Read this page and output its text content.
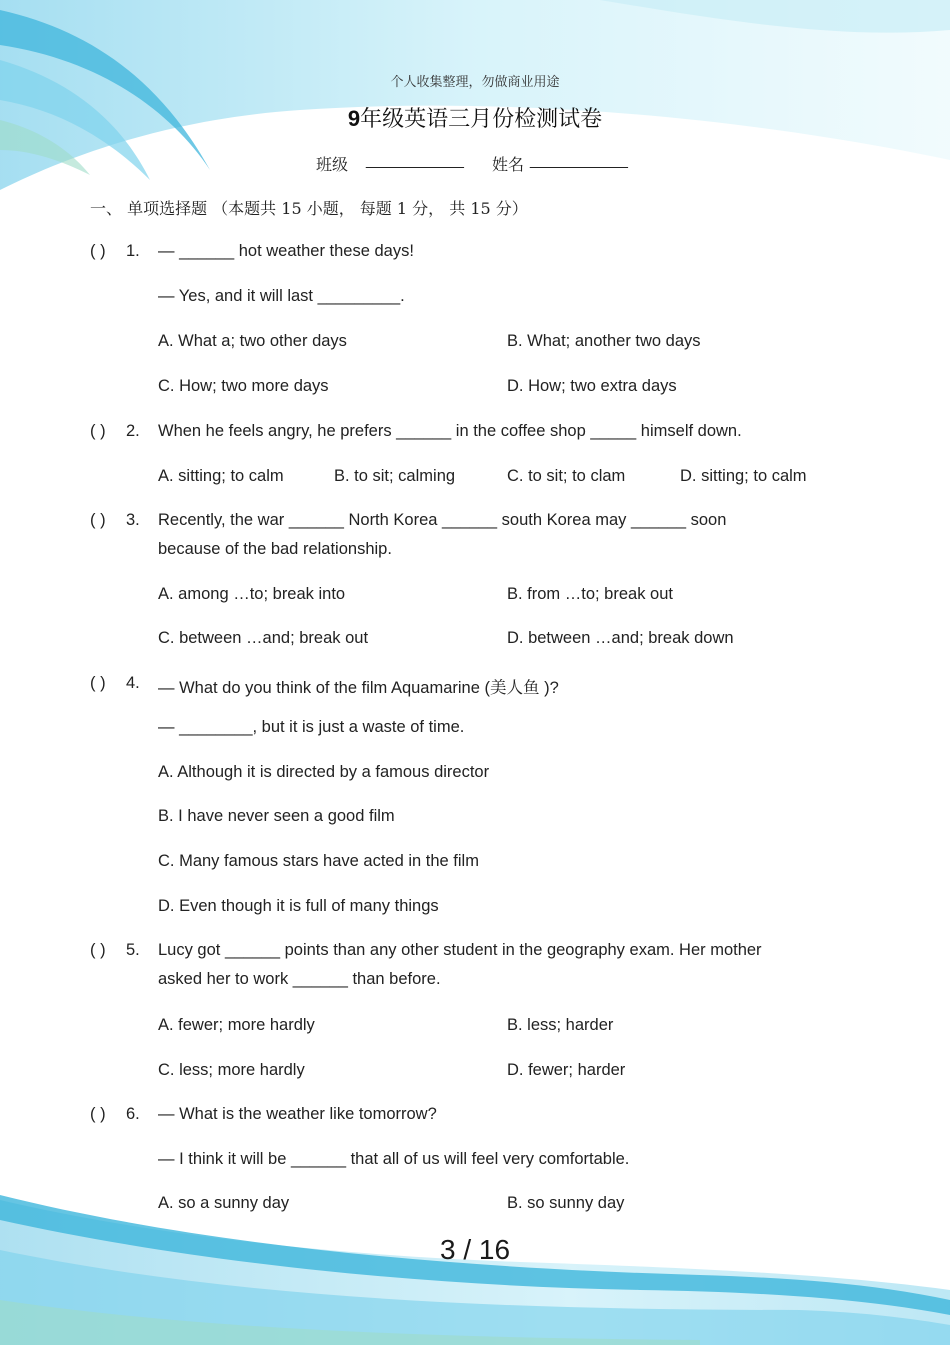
个人收集整理，勿做商业用途
9年级英语三月份检测试卷
班级 ___________ 姓名 ___________
一、 单项选择题 （本题共 15 小题， 每题 1 分， 共 15 分）
( ) 1. — ______ hot weather these days!
— Yes, and it will last _________.
A. What a; two other days	B. What; another two days
C. How; two more days	D. How; two extra days
( ) 2. When he feels angry, he prefers ______ in the coffee shop _____ himself down.
A. sitting; to calm	B. to sit; calming	C. to sit; to clam	D. sitting; to calm
( ) 3. Recently, the war ______ North Korea ______ south Korea may ______ soon
because of the bad relationship.
A. among …to; break into	B. from …to; break out
C. between …and; break out	D. between …and; break down
( ) 4. — What do you think of the film Aquamarine (美人鱼 )?
— ________, but it is just a waste of time.
A. Although it is directed by a famous director
B. I have never seen a good film
C. Many famous stars have acted in the film
D. Even though it is full of many things
( ) 5. Lucy got ______ points than any other student in the geography exam. Her mother
asked her to work ______ than before.
A. fewer; more hardly	B. less; harder
C. less; more hardly	D. fewer; harder
( ) 6. — What is the weather like tomorrow?
— I think it will be ______ that all of us will feel very comfortable.
A. so a sunny day	B. so sunny day
3 / 16
